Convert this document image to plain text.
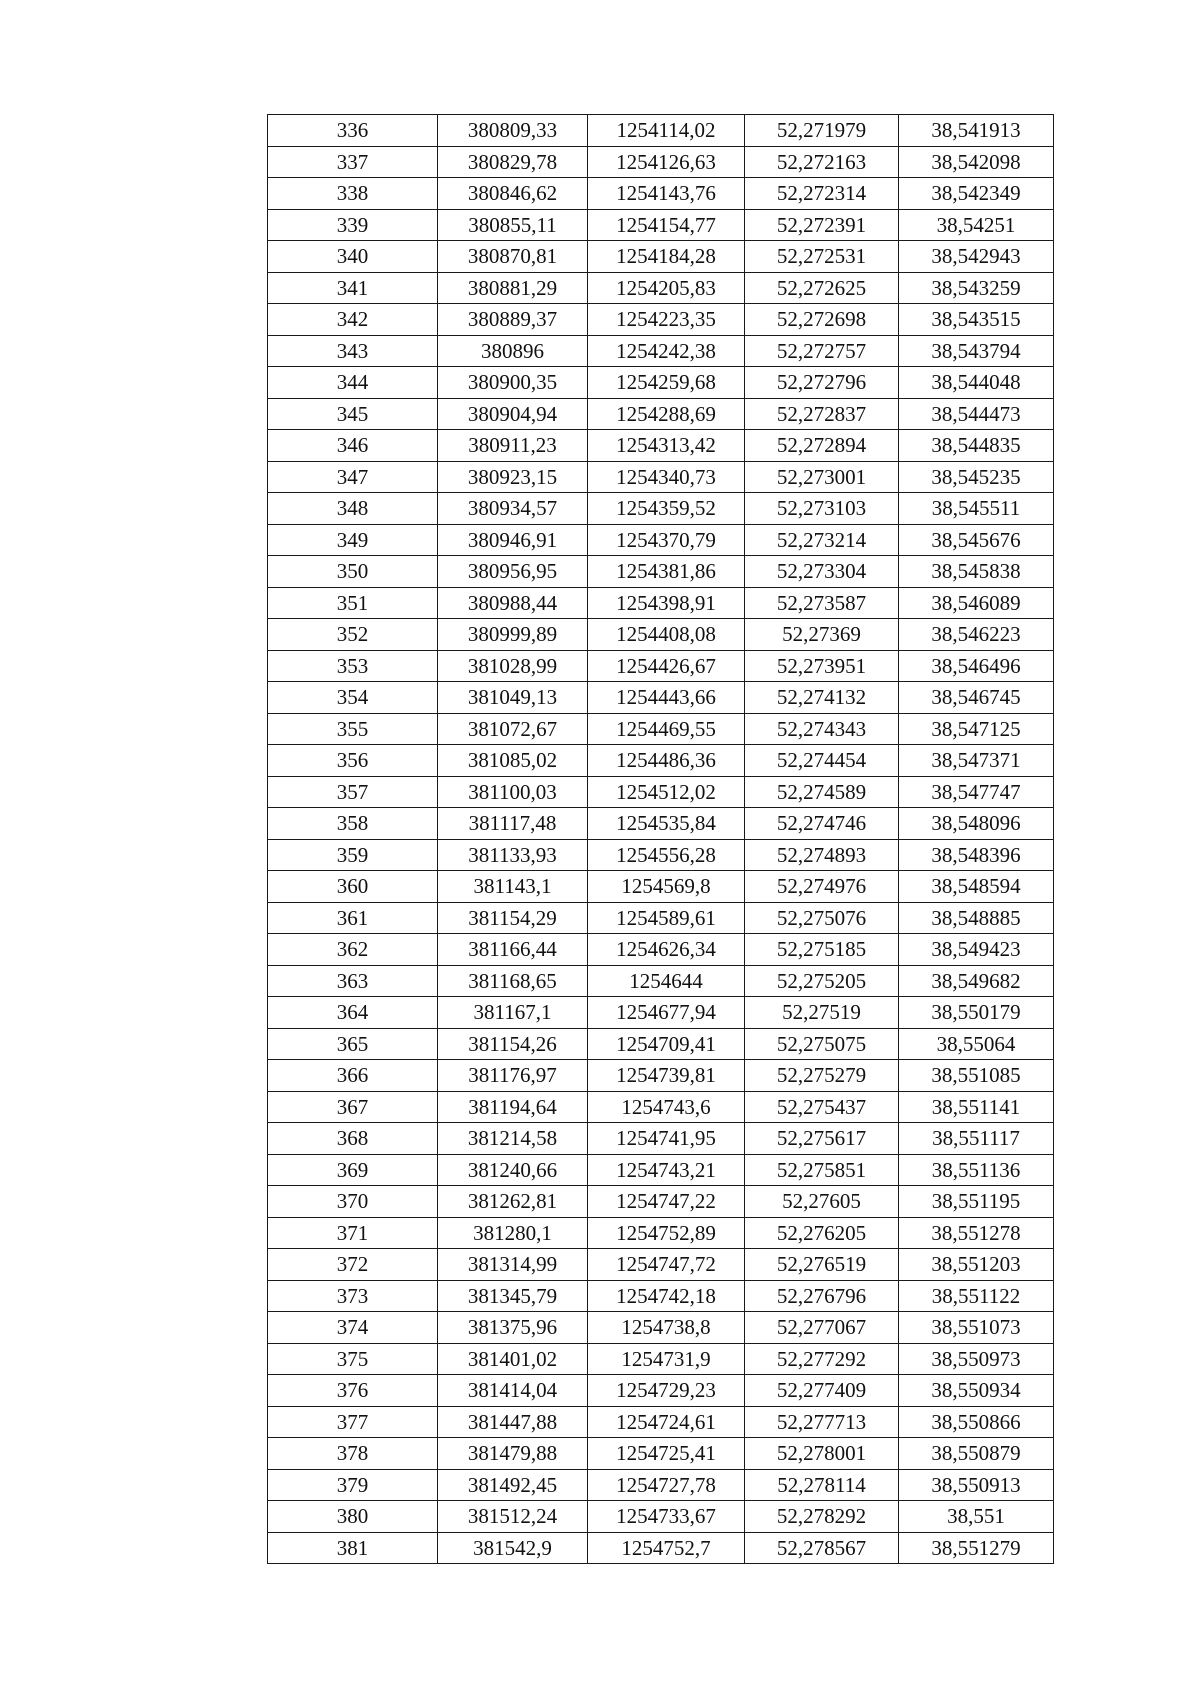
336	380809,33	1254114,02	52,271979	38,541913
337	380829,78	1254126,63	52,272163	38,542098
338	380846,62	1254143,76	52,272314	38,542349
339	380855,11	1254154,77	52,272391	38,54251
340	380870,81	1254184,28	52,272531	38,542943
341	380881,29	1254205,83	52,272625	38,543259
342	380889,37	1254223,35	52,272698	38,543515
343	380896	1254242,38	52,272757	38,543794
344	380900,35	1254259,68	52,272796	38,544048
345	380904,94	1254288,69	52,272837	38,544473
346	380911,23	1254313,42	52,272894	38,544835
347	380923,15	1254340,73	52,273001	38,545235
348	380934,57	1254359,52	52,273103	38,545511
349	380946,91	1254370,79	52,273214	38,545676
350	380956,95	1254381,86	52,273304	38,545838
351	380988,44	1254398,91	52,273587	38,546089
352	380999,89	1254408,08	52,27369	38,546223
353	381028,99	1254426,67	52,273951	38,546496
354	381049,13	1254443,66	52,274132	38,546745
355	381072,67	1254469,55	52,274343	38,547125
356	381085,02	1254486,36	52,274454	38,547371
357	381100,03	1254512,02	52,274589	38,547747
358	381117,48	1254535,84	52,274746	38,548096
359	381133,93	1254556,28	52,274893	38,548396
360	381143,1	1254569,8	52,274976	38,548594
361	381154,29	1254589,61	52,275076	38,548885
362	381166,44	1254626,34	52,275185	38,549423
363	381168,65	1254644	52,275205	38,549682
364	381167,1	1254677,94	52,27519	38,550179
365	381154,26	1254709,41	52,275075	38,55064
366	381176,97	1254739,81	52,275279	38,551085
367	381194,64	1254743,6	52,275437	38,551141
368	381214,58	1254741,95	52,275617	38,551117
369	381240,66	1254743,21	52,275851	38,551136
370	381262,81	1254747,22	52,27605	38,551195
371	381280,1	1254752,89	52,276205	38,551278
372	381314,99	1254747,72	52,276519	38,551203
373	381345,79	1254742,18	52,276796	38,551122
374	381375,96	1254738,8	52,277067	38,551073
375	381401,02	1254731,9	52,277292	38,550973
376	381414,04	1254729,23	52,277409	38,550934
377	381447,88	1254724,61	52,277713	38,550866
378	381479,88	1254725,41	52,278001	38,550879
379	381492,45	1254727,78	52,278114	38,550913
380	381512,24	1254733,67	52,278292	38,551
381	381542,9	1254752,7	52,278567	38,551279
